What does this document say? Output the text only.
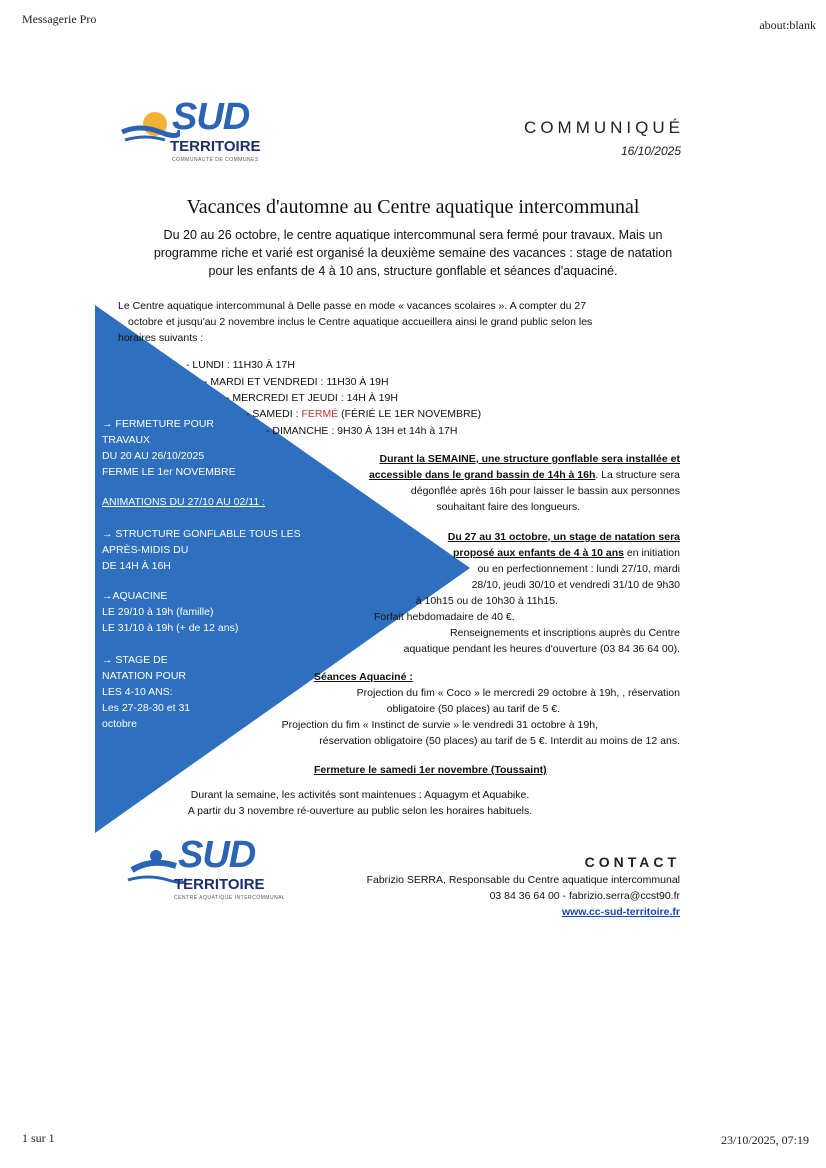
Messagerie Pro	about:blank
SUD
TERRITOIRE
COMMUNAUTÉ DE COMMUNES
COMMUNIQUÉ
16/10/2025
Vacances d'automne au Centre aquatique intercommunal
Du 20 au 26 octobre, le centre aquatique intercommunal sera fermé pour travaux. Mais un
programme riche et varié est organisé la deuxième semaine des vacances : stage de natation
pour les enfants de 4 à 10 ans, structure gonflable et séances d'aquaciné.
Le Centre aquatique intercommunal à Delle passe en mode « vacances scolaires ». A compter du 27
octobre et jusqu'au 2 novembre inclus le Centre aquatique accueillera ainsi le grand public selon les
horaires suivants :
- LUNDI : 11H30 À 17H
- MARDI ET VENDREDI : 11H30 À 19H
- MERCREDI ET JEUDI : 14H À 19H
- SAMEDI : FERMÉ (FÉRIÉ LE 1ER NOVEMBRE)
- DIMANCHE : 9H30 À 13H et 14h à 17H
→ FERMETURE POUR
TRAVAUX
DU 20 AU 26/10/2025
FERME LE 1er NOVEMBRE
ANIMATIONS DU 27/10 AU 02/11 :
→ STRUCTURE GONFLABLE TOUS LES
APRÈS-MIDIS DU
DE 14H À 16H
→AQUACINE
LE 29/10 à 19h (famille)
LE 31/10 à 19h (+ de 12 ans)
→ STAGE DE
NATATION POUR
LES 4-10 ANS:
Les 27-28-30 et 31
octobre
Durant la SEMAINE, une structure gonflable sera installée et
accessible dans le grand bassin de 14h à 16h. La structure sera
dégonflée après 16h pour laisser le bassin aux personnes
souhaitant faire des longueurs.
Du 27 au 31 octobre, un stage de natation sera
proposé aux enfants de 4 à 10 ans en initiation
ou en perfectionnement : lundi 27/10, mardi
28/10, jeudi 30/10 et vendredi 31/10 de 9h30
à 10h15 ou de 10h30 à 11h15.
Forfait hebdomadaire de 40 €.
Renseignements et inscriptions auprès du Centre
aquatique pendant les heures d'ouverture (03 84 36 64 00).
Séances Aquaciné :
Projection du fim « Coco » le mercredi 29 octobre à 19h, , réservation
obligatoire (50 places) au tarif de 5 €.
Projection du fim « Instinct de survie » le vendredi 31 octobre à 19h,
réservation obligatoire (50 places) au tarif de 5 €. Interdit au moins de 12 ans.
Fermeture le samedi 1er novembre (Toussaint)
Durant la semaine, les activités sont maintenues : Aquagym et Aquabike.
A partir du 3 novembre ré-ouverture au public selon les horaires habituels.
SUD
TERRITOIRE
CENTRE AQUATIQUE INTERCOMMUNAL
CONTACT
Fabrizio SERRA, Responsable du Centre aquatique intercommunal
03 84 36 64 00 - fabrizio.serra@ccst90.fr
www.cc-sud-territoire.fr
1 sur 1	23/10/2025, 07:19
